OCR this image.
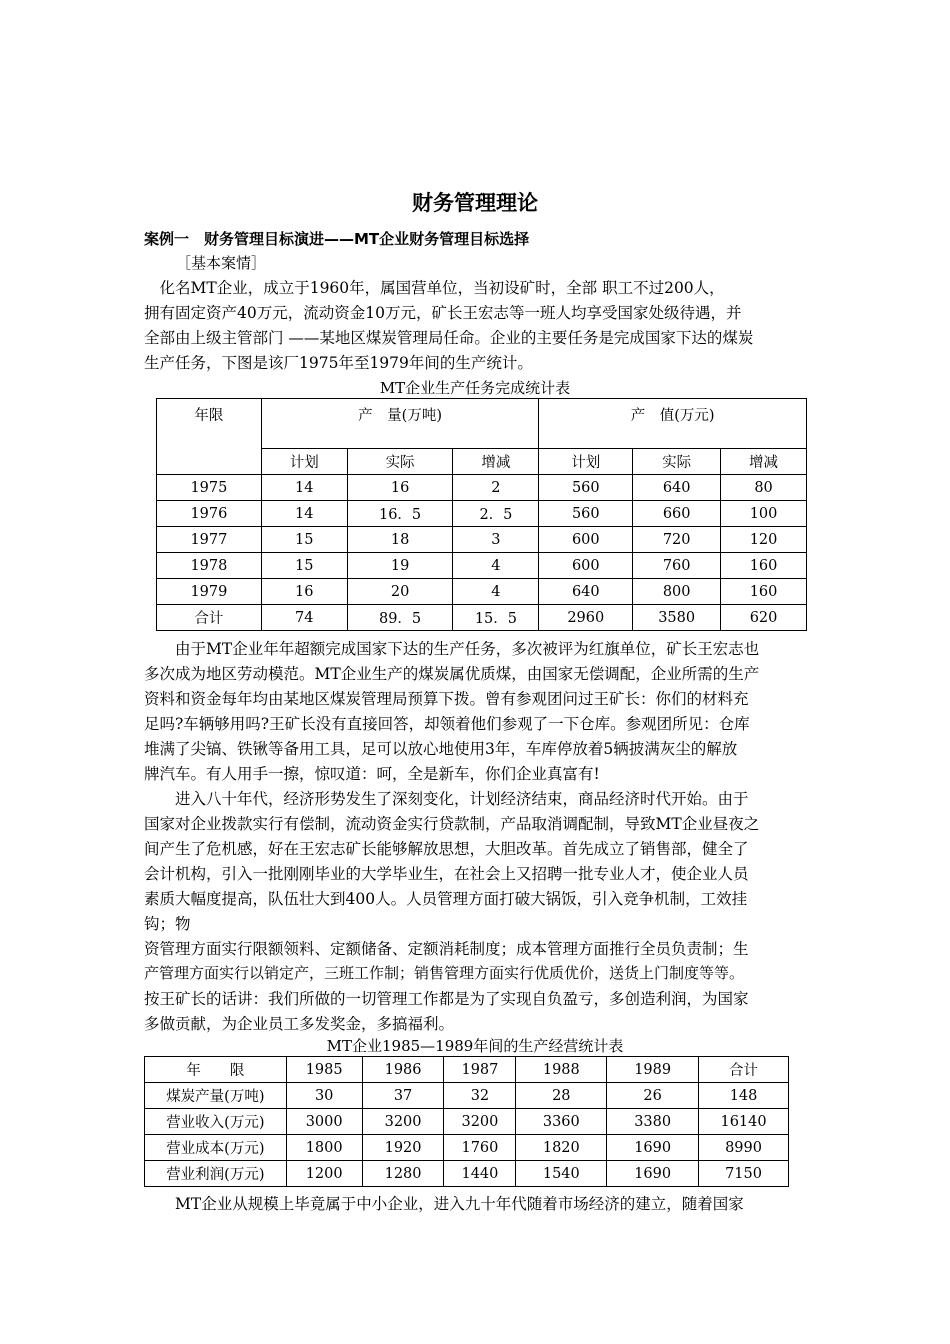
财务管理理论
案例一　财务管理目标演进——MT企业财务管理目标选择
［基本案情］
　化名MT企业，成立于1960年，属国营单位，当初设矿时，全部 职工不过200人，
拥有固定资产40万元，流动资金10万元，矿长王宏志等一班人均享受国家处级待遇，并
全部由上级主管部门 ——某地区煤炭管理局任命。企业的主要任务是完成国家下达的煤炭
生产任务，下图是该厂1975年至1979年间的生产统计。
MT企业生产任务完成统计表
年限	产　量(万吨)			产　值(万元)		
	计划	实际	增减	计划	实际	增减
1975	14	16	2	560	640	80
1976	14	16．5	2．5	560	660	100
1977	15	18	3	600	720	120
1978	15	19	4	600	760	160
1979	16	20	4	640	800	160
合计	74	89．5	15．5	2960	3580	620
　　由于MT企业年年超额完成国家下达的生产任务，多次被评为红旗单位，矿长王宏志也
多次成为地区劳动模范。MT企业生产的煤炭属优质煤，由国家无偿调配，企业所需的生产
资料和资金每年均由某地区煤炭管理局预算下拨。曾有参观团问过王矿长：你们的材料充
足吗?车辆够用吗?王矿长没有直接回答，却领着他们参观了一下仓库。参观团所见：仓库
堆满了尖镐、铁锹等备用工具，足可以放心地使用3年，车库停放着5辆披满灰尘的解放
牌汽车。有人用手一擦，惊叹道：呵，全是新车，你们企业真富有!
　　进入八十年代，经济形势发生了深刻变化，计划经济结束，商品经济时代开始。由于
国家对企业拨款实行有偿制，流动资金实行贷款制，产品取消调配制，导致MT企业昼夜之
间产生了危机感，好在王宏志矿长能够解放思想，大胆改革。首先成立了销售部，健全了
会计机构，引入一批刚刚毕业的大学毕业生，在社会上又招聘一批专业人才，使企业人员
素质大幅度提高，队伍壮大到400人。人员管理方面打破大锅饭，引入竞争机制，工效挂
钩；物
资管理方面实行限额领料、定额储备、定额消耗制度；成本管理方面推行全员负责制；生
产管理方面实行以销定产，三班工作制；销售管理方面实行优质优价，送货上门制度等等。
按王矿长的话讲：我们所做的一切管理工作都是为了实现自负盈亏，多创造利润，为国家
多做贡献，为企业员工多发奖金，多搞福利。
MT企业1985—1989年间的生产经营统计表
年　　限	1985	1986	1987	1988	1989	合计
煤炭产量(万吨)	30	37	32	28	26	148
营业收入(万元)	3000	3200	3200	3360	3380	16140
营业成本(万元)	1800	1920	1760	1820	1690	8990
营业利润(万元)	1200	1280	1440	1540	1690	7150
　　MT企业从规模上毕竟属于中小企业，进入九十年代随着市场经济的建立，随着国家
